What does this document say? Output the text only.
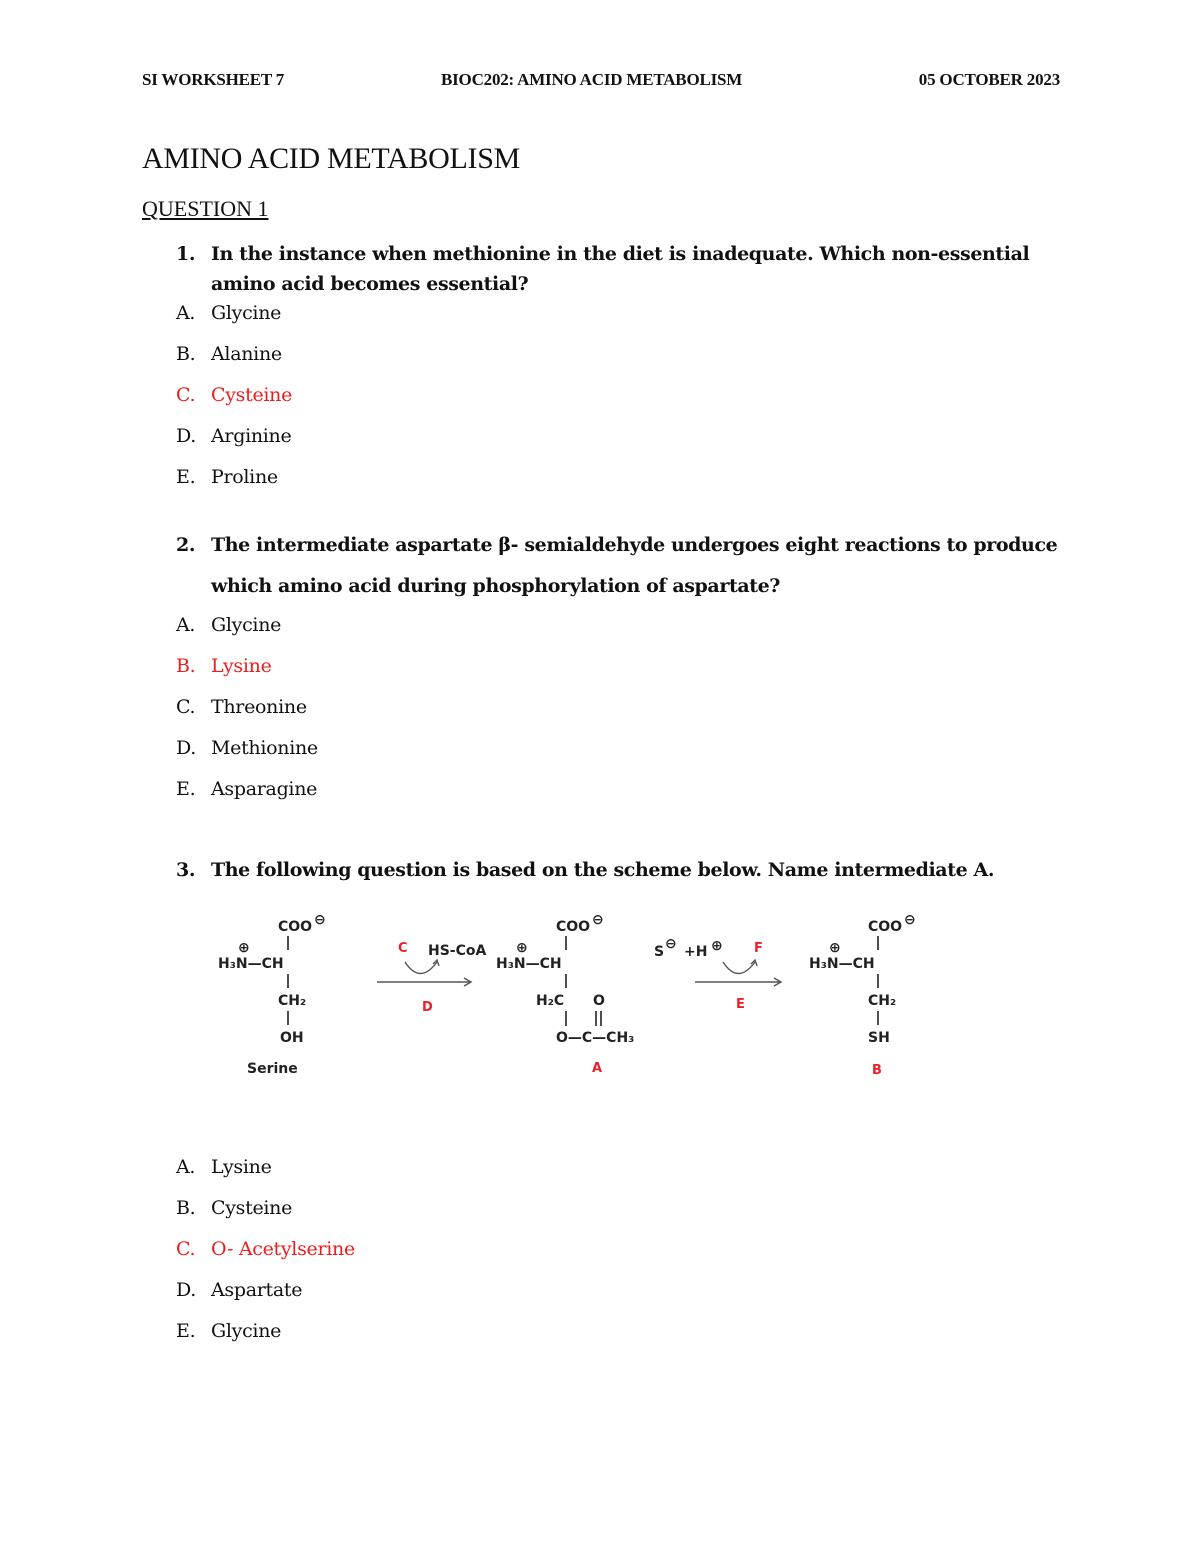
SI WORKSHEET 7	BIOC202: AMINO ACID METABOLISM	05 OCTOBER 2023
AMINO ACID METABOLISM
QUESTION 1
1. In the instance when methionine in the diet is inadequate. Which non-essential
amino acid becomes essential?
A. Glycine
B. Alanine
C. Cysteine
D. Arginine
E. Proline
2. The intermediate aspartate β- semialdehyde undergoes eight reactions to produce
which amino acid during phosphorylation of aspartate?
A. Glycine
B. Lysine
C. Threonine
D. Methionine
E. Asparagine
3. The following question is based on the scheme below. Name intermediate A.
COO ⊖
⊕
H₃N—CH
CH₂
OH
Serine
C HS-CoA
D
COO ⊖
⊕
H₃N—CH
H₂C O
O—C—CH₃
A
S ⊖ +H ⊕ F
E
COO ⊖
⊕
H₃N—CH
CH₂
SH
B
A. Lysine
B. Cysteine
C. O- Acetylserine
D. Aspartate
E. Glycine
